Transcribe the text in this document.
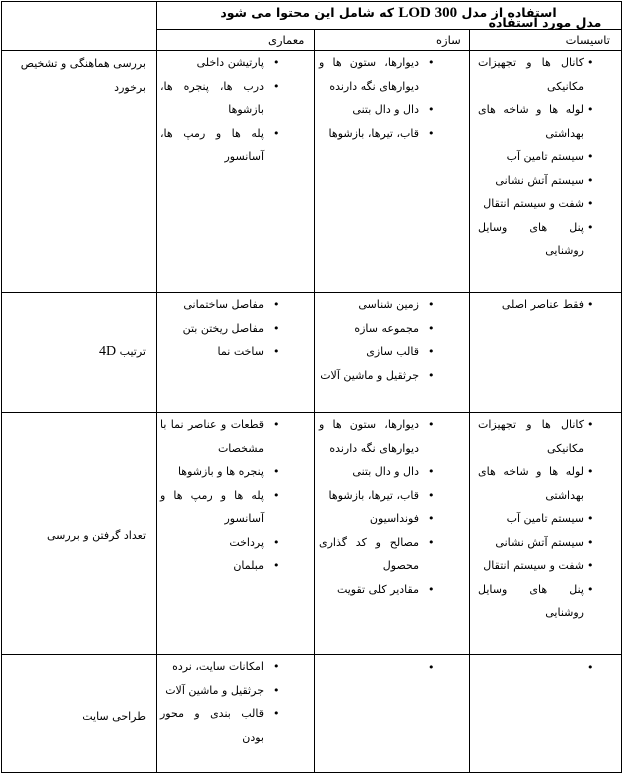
استفاده از مدل LOD 300 که شامل این محتوا می شود
مدل مورد استفاده
تاسیسات
سازه
معماری
بررسی هماهنگی و تشخیص برخورد
کانال ها و تجهیزات مکانیکی
لوله ها و شاخه های بهداشتی
سیستم تامین آب
سیستم آتش نشانی
شفت و سیستم انتقال
پنل های وسایل روشنایی
دیوارها، ستون ها و دیوارهای نگه دارنده
دال و دال بتنی
قاب، تیرها، بازشوها
پارتیشن داخلی
درب ها، پنجره ها، بازشوها
پله ها و رمپ ها، آسانسور
ترتیب 4D
فقط عناصر اصلی
زمین شناسی
مجموعه سازه
قالب سازی
جرثقیل و ماشین آلات
مفاصل ساختمانی
مفاصل ریختن بتن
ساخت نما
تعداد گرفتن و بررسی
کانال ها و تجهیزات مکانیکی
لوله ها و شاخه های بهداشتی
سیستم تامین آب
سیستم آتش نشانی
شفت و سیستم انتقال
پنل های وسایل روشنایی
دیوارها، ستون ها و دیوارهای نگه دارنده
دال و دال بتنی
قاب، تیرها، بازشوها
فونداسیون
مصالح و کد گذاری محصول
مقادیر کلی تقویت
قطعات و عناصر نما با مشخصات
پنجره ها و بازشوها
پله ها و رمپ ها و آسانسور
پرداخت
مبلمان
طراحی سایت
امکانات سایت، نرده
جرثقیل و ماشین آلات
قالب بندی و محور بودن
•
•
•
•
•
•
•
•
•
•
•
•
•
•
•
•
•
•
•
•
•
•
•
•
•
•
•
•
•
•
•
•
•
•
•
•
•
•
•
•
•
•
